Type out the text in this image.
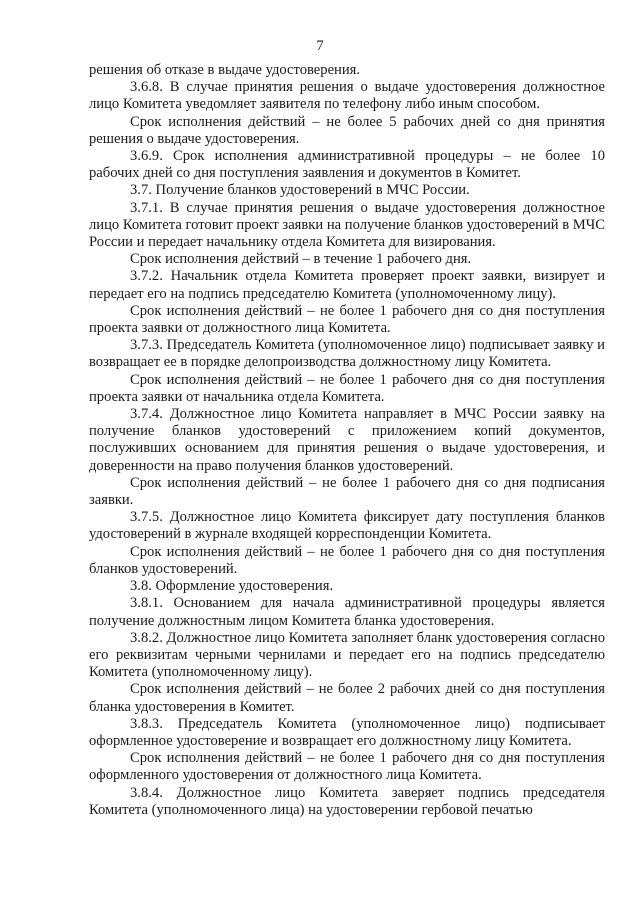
7

решения об отказе в выдаче удостоверения.

3.6.8. В случае принятия решения о выдаче удостоверения должностное лицо Комитета уведомляет заявителя по телефону либо иным способом.

Срок исполнения действий – не более 5 рабочих дней со дня принятия решения о выдаче удостоверения.

3.6.9. Срок исполнения административной процедуры – не более 10 рабочих дней со дня поступления заявления и документов в Комитет.

3.7. Получение бланков удостоверений в МЧС России.

3.7.1. В случае принятия решения о выдаче удостоверения должностное лицо Комитета готовит проект заявки на получение бланков удостоверений в МЧС России и передает начальнику отдела Комитета для визирования.

Срок исполнения действий – в течение 1 рабочего дня.

3.7.2. Начальник отдела Комитета проверяет проект заявки, визирует и передает его на подпись председателю Комитета (уполномоченному лицу).

Срок исполнения действий – не более 1 рабочего дня со дня поступления проекта заявки от должностного лица Комитета.

3.7.3. Председатель Комитета (уполномоченное лицо) подписывает заявку и возвращает ее в порядке делопроизводства должностному лицу Комитета.

Срок исполнения действий – не более 1 рабочего дня со дня поступления проекта заявки от начальника отдела Комитета.

3.7.4. Должностное лицо Комитета направляет в МЧС России заявку на получение бланков удостоверений с приложением копий документов, послуживших основанием для принятия решения о выдаче удостоверения, и доверенности на право получения бланков удостоверений.

Срок исполнения действий – не более 1 рабочего дня со дня подписания заявки.

3.7.5. Должностное лицо Комитета фиксирует дату поступления бланков удостоверений в журнале входящей корреспонденции Комитета.

Срок исполнения действий – не более 1 рабочего дня со дня поступления бланков удостоверений.

3.8. Оформление удостоверения.

3.8.1. Основанием для начала административной процедуры является получение должностным лицом Комитета бланка удостоверения.

3.8.2. Должностное лицо Комитета заполняет бланк удостоверения согласно его реквизитам черными чернилами и передает его на подпись председателю Комитета (уполномоченному лицу).

Срок исполнения действий – не более 2 рабочих дней со дня поступления бланка удостоверения в Комитет.

3.8.3. Председатель Комитета (уполномоченное лицо) подписывает оформленное удостоверение и возвращает его должностному лицу Комитета.

Срок исполнения действий – не более 1 рабочего дня со дня поступления оформленного удостоверения от должностного лица Комитета.

3.8.4. Должностное лицо Комитета заверяет подпись председателя Комитета (уполномоченного лица) на удостоверении гербовой печатью
